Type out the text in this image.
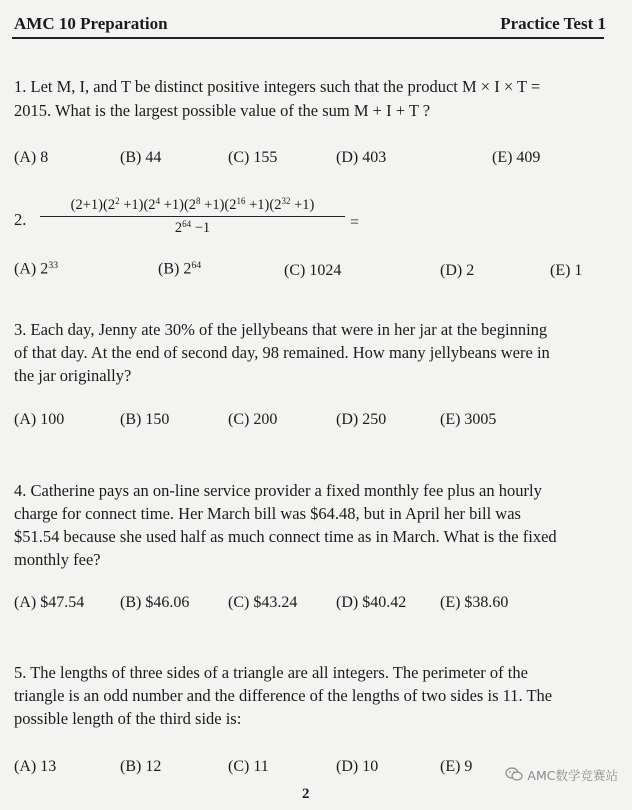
AMC 10 Preparation	Practice Test 1
1. Let M, I, and T be distinct positive integers such that the product M × I × T =
2015. What is the largest possible value of the sum M + I + T ?
(A) 8	(B) 44	(C) 155	(D) 403	(E) 409
2. $\frac{(2+1)(2^2 +1)(2^4 +1)(2^8 +1)(2^{16} +1)(2^{32} +1)}{2^{64} -1}$ =
(A) $2^{33}$	(B) $2^{64}$	(C) 1024	(D) 2	(E) 1
3. Each day, Jenny ate 30% of the jellybeans that were in her jar at the beginning
of that day. At the end of second day, 98 remained. How many jellybeans were in
the jar originally?
(A) 100	(B) 150	(C) 200	(D) 250	(E) 3005
4. Catherine pays an on-line service provider a fixed monthly fee plus an hourly
charge for connect time. Her March bill was $64.48, but in April her bill was
$51.54 because she used half as much connect time as in March. What is the fixed
monthly fee?
(A) $47.54 (B) $46.06 (C) $43.24 (D) $40.42 (E) $38.60
5. The lengths of three sides of a triangle are all integers. The perimeter of the
triangle is an odd number and the difference of the lengths of two sides is 11. The
possible length of the third side is:
(A) 13	(B) 12	(C) 11	(D) 10	(E) 9
2
AMC数学竞赛站
